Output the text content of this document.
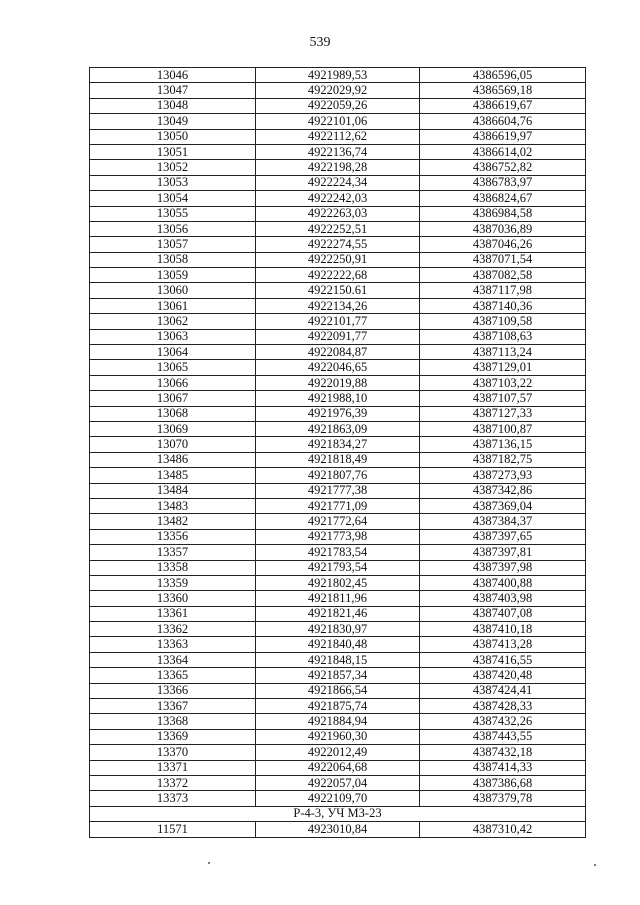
539
13046	4921989,53	4386596,05
13047	4922029,92	4386569,18
13048	4922059,26	4386619,67
13049	4922101,06	4386604,76
13050	4922112,62	4386619,97
13051	4922136,74	4386614,02
13052	4922198,28	4386752,82
13053	4922224,34	4386783,97
13054	4922242,03	4386824,67
13055	4922263,03	4386984,58
13056	4922252,51	4387036,89
13057	4922274,55	4387046,26
13058	4922250,91	4387071,54
13059	4922222,68	4387082,58
13060	4922150.61	4387117,98
13061	4922134,26	4387140,36
13062	4922101,77	4387109,58
13063	4922091,77	4387108,63
13064	4922084,87	4387113,24
13065	4922046,65	4387129,01
13066	4922019,88	4387103,22
13067	4921988,10	4387107,57
13068	4921976,39	4387127,33
13069	4921863,09	4387100,87
13070	4921834,27	4387136,15
13486	4921818,49	4387182,75
13485	4921807,76	4387273,93
13484	4921777,38	4387342,86
13483	4921771,09	4387369,04
13482	4921772,64	4387384,37
13356	4921773,98	4387397,65
13357	4921783,54	4387397,81
13358	4921793,54	4387397,98
13359	4921802,45	4387400,88
13360	4921811,96	4387403,98
13361	4921821,46	4387407,08
13362	4921830,97	4387410,18
13363	4921840,48	4387413,28
13364	4921848,15	4387416,55
13365	4921857,34	4387420,48
13366	4921866,54	4387424,41
13367	4921875,74	4387428,33
13368	4921884,94	4387432,26
13369	4921960,30	4387443,55
13370	4922012,49	4387432,18
13371	4922064,68	4387414,33
13372	4922057,04	4387386,68
13373	4922109,70	4387379,78
Р-4-3, УЧ МЗ-23		
11571	4923010,84	4387310,42
